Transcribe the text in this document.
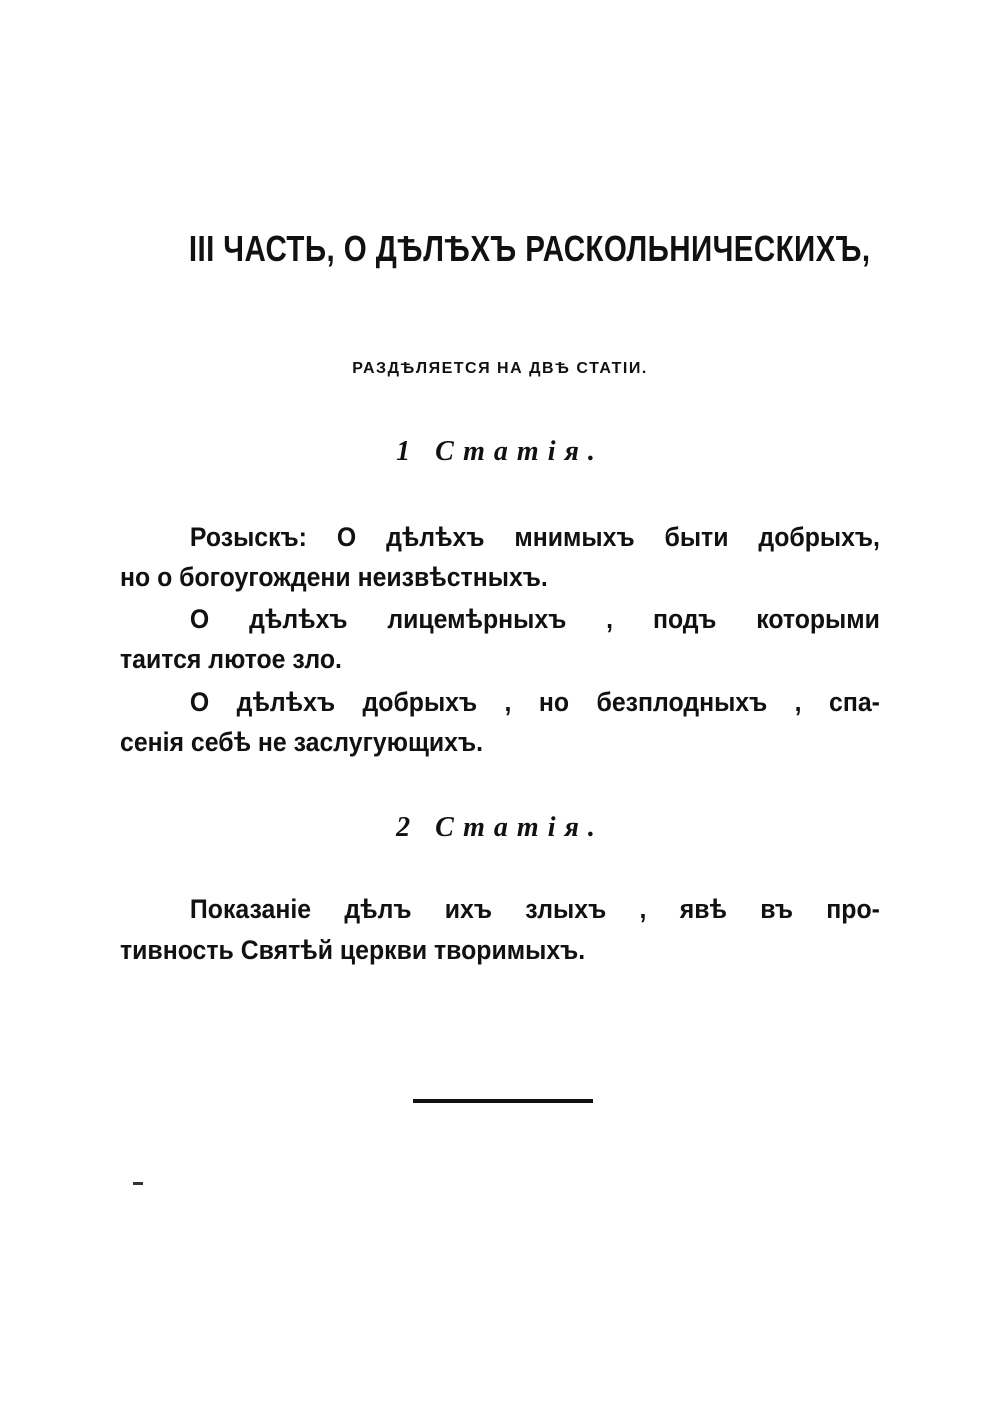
III ЧАСТЬ, О ДѢЛѢХЪ РАСКОЛЬНИЧЕСКИХЪ,
РАЗДѢЛЯЕТСЯ НА ДВѢ СТАТІИ.
1 Статія.
Розыскъ: О дѣлѣхъ мнимыхъ быти добрыхъ,
но о богоугождени неизвѣстныхъ.
О дѣлѣхъ лицемѣрныхъ , подъ которыми
таится лютое зло.
О дѣлѣхъ добрыхъ , но безплодныхъ , спа-
сенія себѣ не заслугующихъ.
2 Статія.
Показаніе дѣлъ ихъ злыхъ , явѣ въ про-
тивность Святѣй церкви творимыхъ.
